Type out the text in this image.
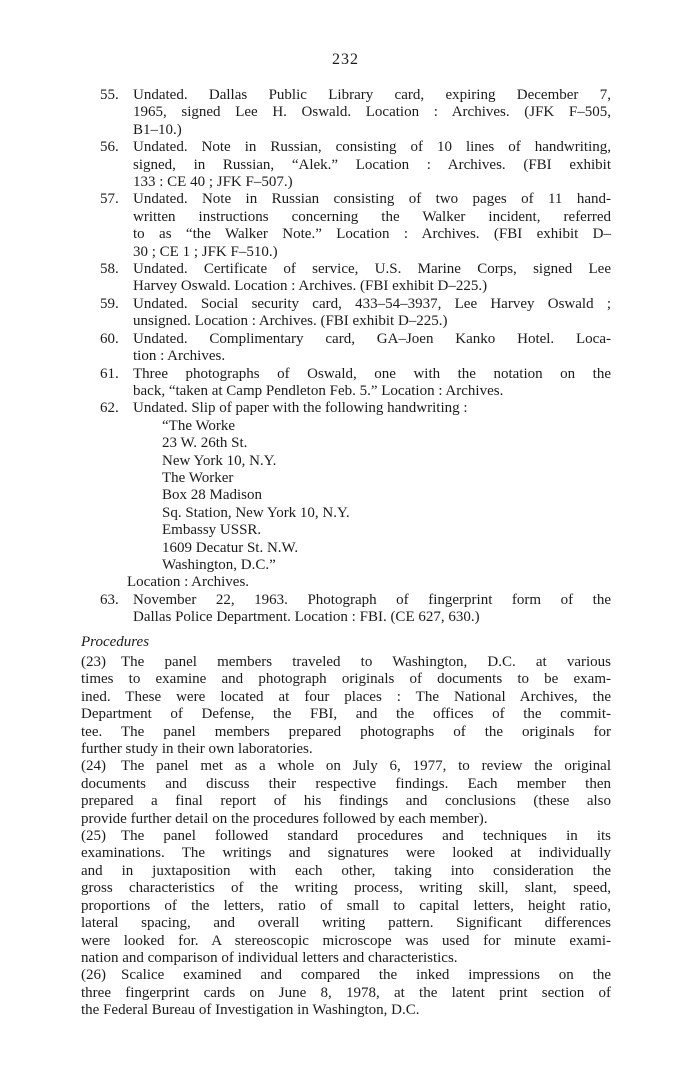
232
55. Undated. Dallas Public Library card, expiring December 7,
1965, signed Lee H. Oswald. Location : Archives. (JFK F–505,
B1–10.)
56. Undated. Note in Russian, consisting of 10 lines of handwriting,
signed, in Russian, “Alek.” Location : Archives. (FBI exhibit
133 : CE 40 ; JFK F–507.)
57. Undated. Note in Russian consisting of two pages of 11 hand-
written instructions concerning the Walker incident, referred
to as “the Walker Note.” Location : Archives. (FBI exhibit D–
30 ; CE 1 ; JFK F–510.)
58. Undated. Certificate of service, U.S. Marine Corps, signed Lee
Harvey Oswald. Location : Archives. (FBI exhibit D–225.)
59. Undated. Social security card, 433–54–3937, Lee Harvey Oswald ;
unsigned. Location : Archives. (FBI exhibit D–225.)
60. Undated. Complimentary card, GA–Joen Kanko Hotel. Loca-
tion : Archives.
61. Three photographs of Oswald, one with the notation on the
back, “taken at Camp Pendleton Feb. 5.” Location : Archives.
62. Undated. Slip of paper with the following handwriting :
“The Worke
23 W. 26th St.
New York 10, N.Y.
The Worker
Box 28 Madison
Sq. Station, New York 10, N.Y.
Embassy USSR.
1609 Decatur St. N.W.
Washington, D.C.”
Location : Archives.
63. November 22, 1963. Photograph of fingerprint form of the
Dallas Police Department. Location : FBI. (CE 627, 630.)
Procedures
(23)  The panel members traveled to Washington, D.C. at various
times to examine and photograph originals of documents to be exam-
ined. These were located at four places : The National Archives, the
Department of Defense, the FBI, and the offices of the commit-
tee. The panel members prepared photographs of the originals for
further study in their own laboratories.
(24)  The panel met as a whole on July 6, 1977, to review the original
documents and discuss their respective findings. Each member then
prepared a final report of his findings and conclusions (these also
provide further detail on the procedures followed by each member).
(25)  The panel followed standard procedures and techniques in its
examinations. The writings and signatures were looked at individually
and in juxtaposition with each other, taking into consideration the
gross characteristics of the writing process, writing skill, slant, speed,
proportions of the letters, ratio of small to capital letters, height ratio,
lateral spacing, and overall writing pattern. Significant differences
were looked for. A stereoscopic microscope was used for minute exami-
nation and comparison of individual letters and characteristics.
(26)  Scalice examined and compared the inked impressions on the
three fingerprint cards on June 8, 1978, at the latent print section of
the Federal Bureau of Investigation in Washington, D.C.
